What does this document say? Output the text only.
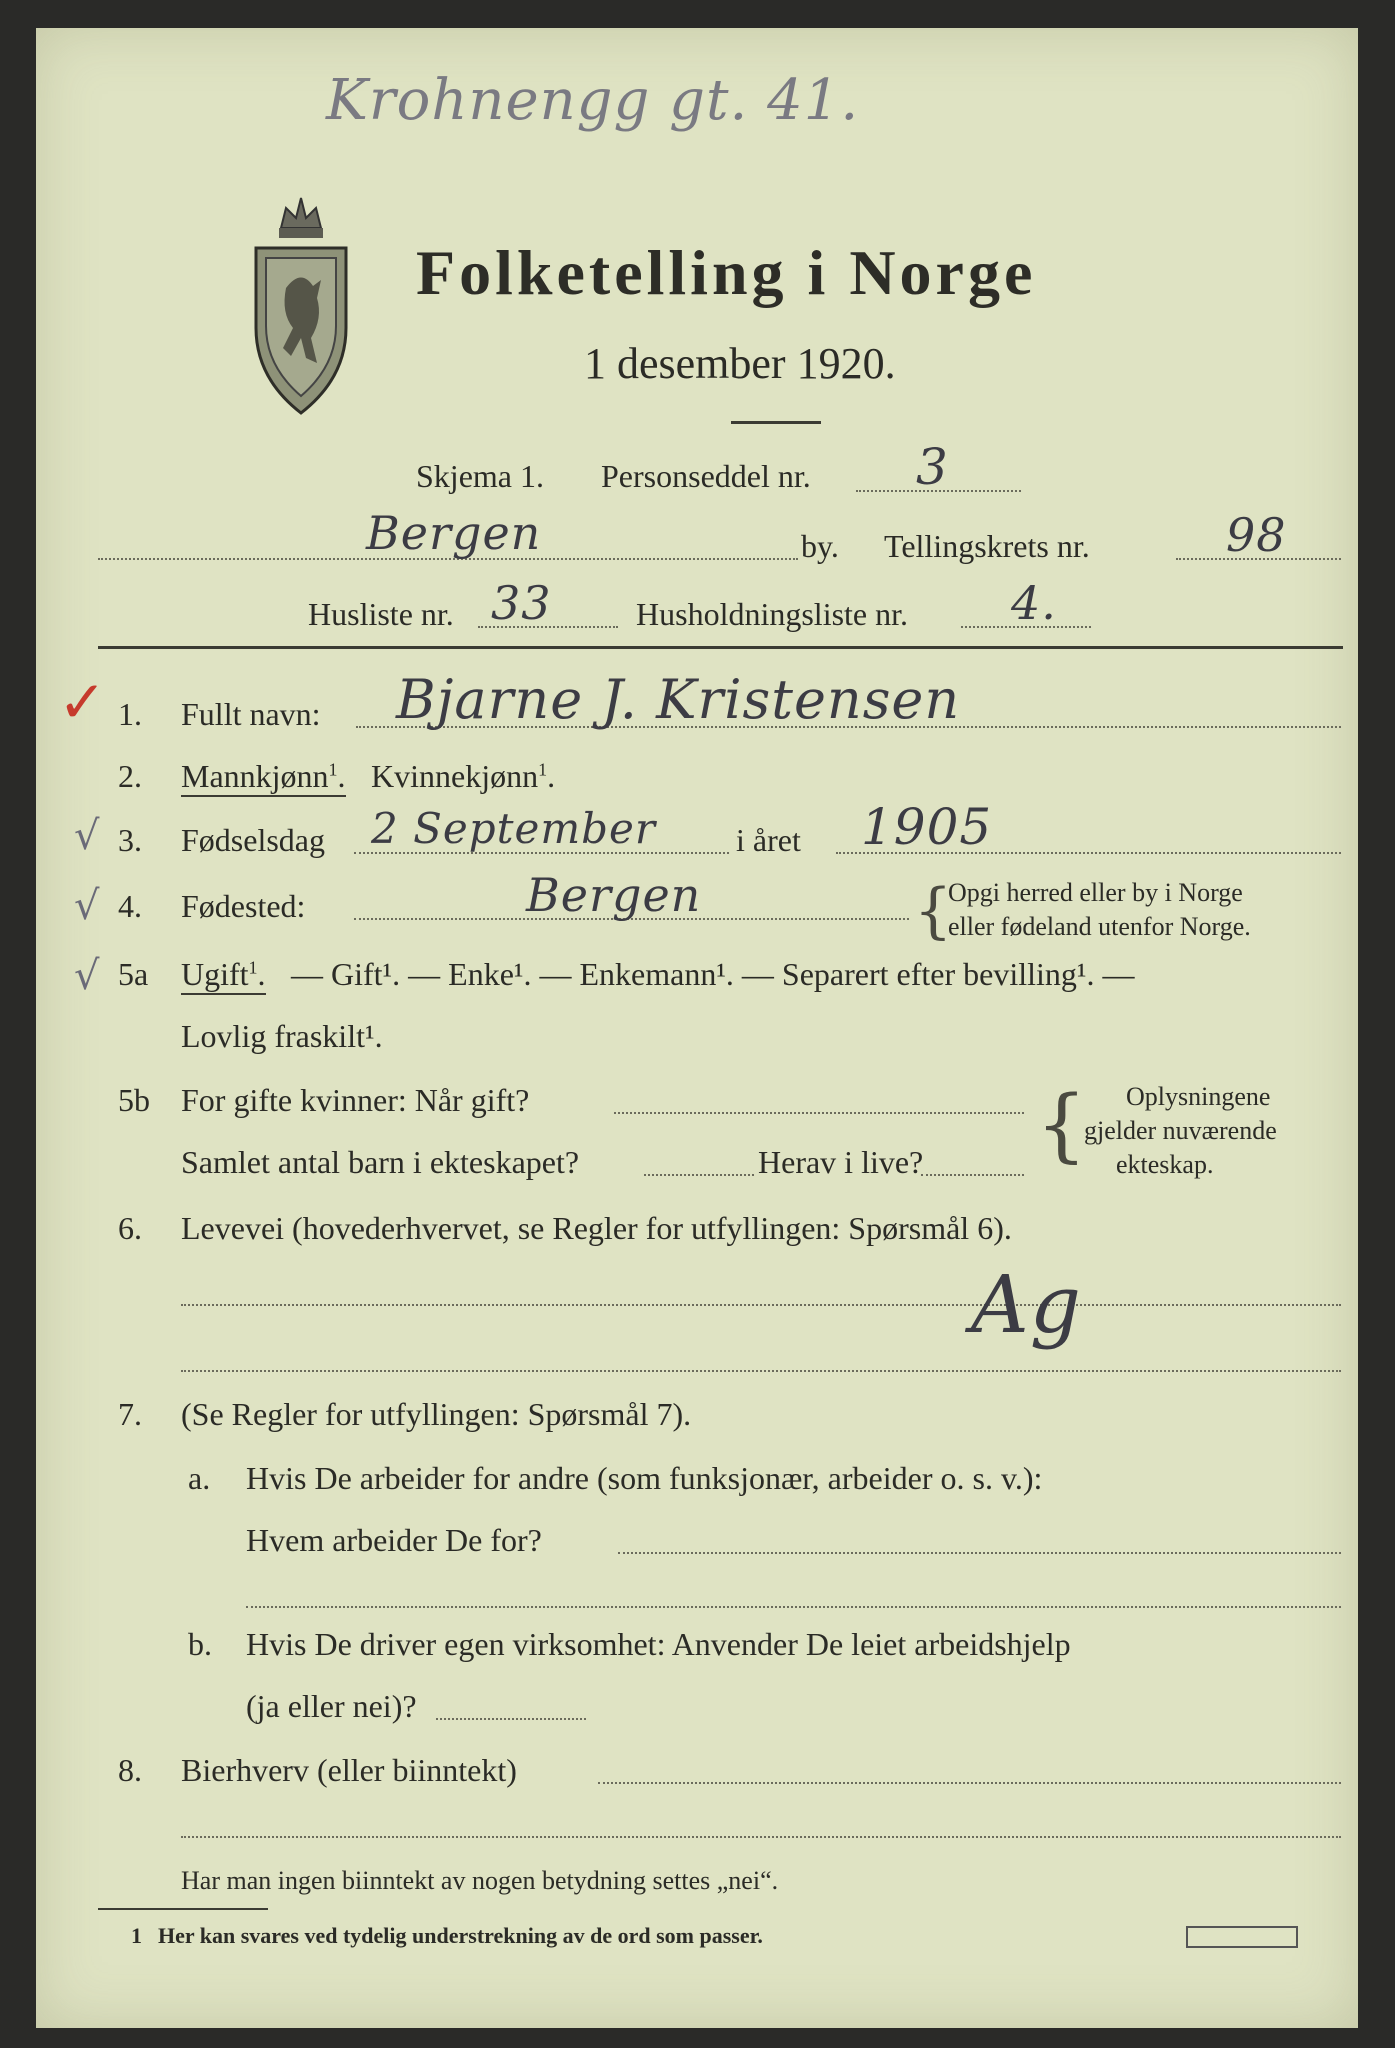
Krohnengg gt. 41.
Folketelling i Norge
1 desember 1920.
Skjema 1. Personseddel nr. 3
Bergen	by. Tellingskrets nr.	98
Husliste nr. 33	Husholdningsliste nr. 4.
✓ 1. Fullt navn: Bjarne J. Kristensen
2. Mannkjønn$^1$. Kvinnekjønn$^1$.
√ 3. Fødselsdag 2 September	i året 1905
√ 4. Fødested:	Bergen	{
Opgi herred eller by i Norge
eller fødeland utenfor Norge.
√ 5a Ugift$^1$. — Gift¹. — Enke¹. — Enkemann¹. — Separert efter bevilling¹. —
Lovlig fraskilt¹.
5b For gifte kvinner: Når gift?
Samlet antal barn i ekteskapet?	Herav i live? { Oplysningene
gjelder nuværende
ekteskap.
6. Levevei (hovederhvervet, se Regler for utfyllingen: Spørsmål 6).
Ag
7. (Se Regler for utfyllingen: Spørsmål 7).
a. Hvis De arbeider for andre (som funksjonær, arbeider o. s. v.):
Hvem arbeider De for?
b. Hvis De driver egen virksomhet: Anvender De leiet arbeidshjelp
(ja eller nei)?
8. Bierhverv (eller biinntekt)
Har man ingen biinntekt av nogen betydning settes „nei“.
1 Her kan svares ved tydelig understrekning av de ord som passer.
